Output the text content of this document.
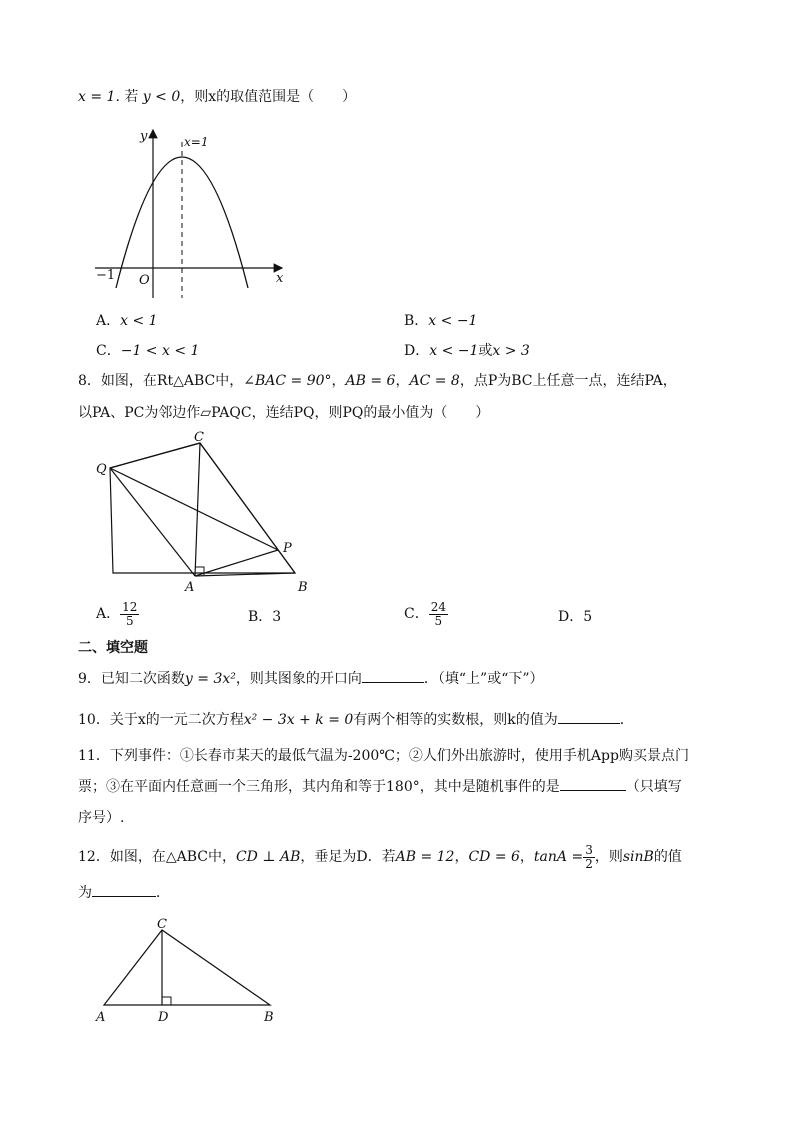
x = 1. 若 y < 0，则x的取值范围是（　　）
y
x
O
−1
x=1
A．x < 1	B．x < −1
C．−1 < x < 1	D．x < −1或x > 3
8．如图，在Rt△ABC中，∠BAC = 90°，AB = 6，AC = 8，点P为BC上任意一点，连结PA，
以PA、PC为邻边作▱PAQC，连结PQ，则PQ的最小值为（　　）
C
Q
P
A	B
A． $\frac{12}{5}$	B．3	C． $\frac{24}{5}$	D．5
二、填空题
9．已知二次函数y = 3x²，则其图象的开口向	．（填“上”或“下”）
10．关于x的一元二次方程x² − 3x + k = 0有两个相等的实数根，则k的值为	．
11．下列事件：①长春市某天的最低气温为-200℃；②人们外出旅游时，使用手机App购买景点门
票；③在平面内任意画一个三角形，其内角和等于180°，其中是随机事件的是	（只填写
序号）.
12．如图，在△ABC中，CD ⊥ AB，垂足为D．若AB = 12，CD = 6，$\tan A = \frac{3}{2}$ ，则sinB的值
为	．
C
A	D	B
